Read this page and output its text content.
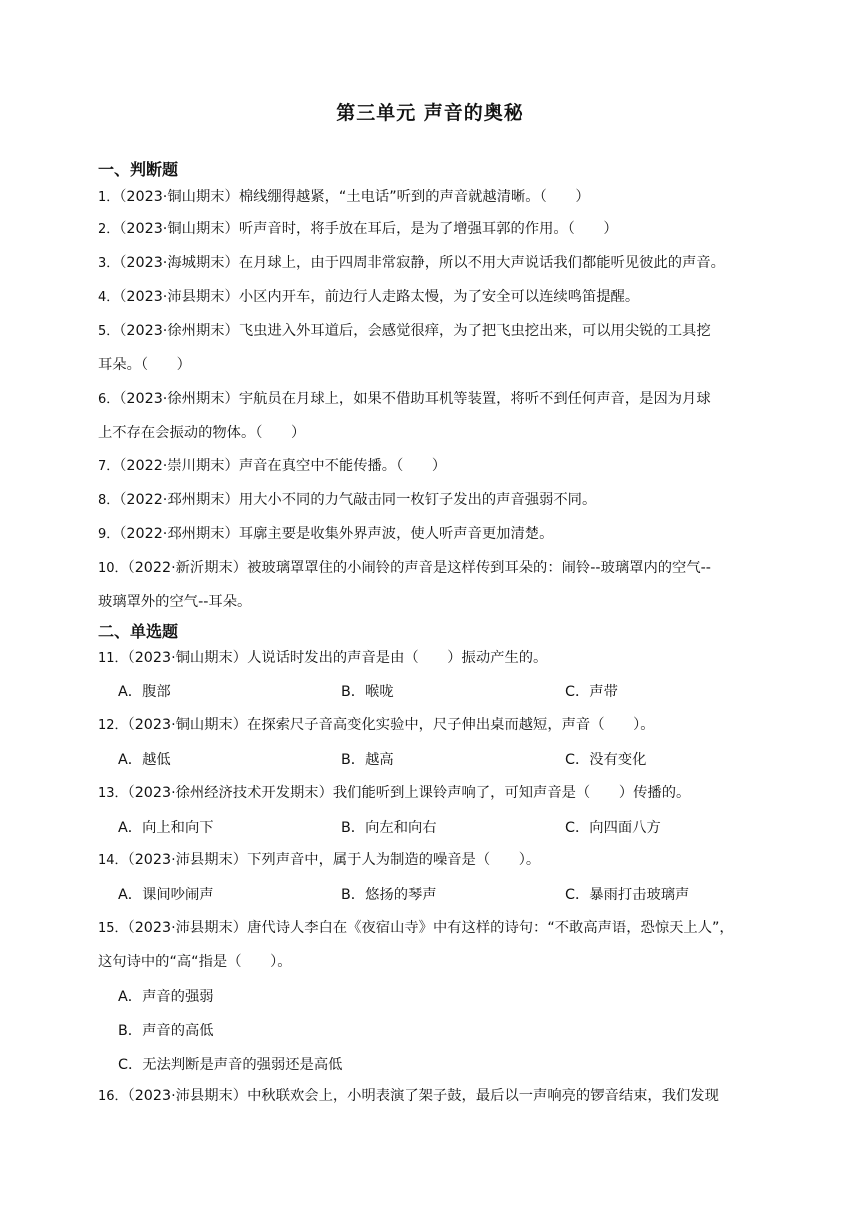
第三单元 声音的奥秘
一、判断题
1．（2023·铜山期末）棉线绷得越紧，“土电话”听到的声音就越清晰。（　　）
2．（2023·铜山期末）听声音时，将手放在耳后，是为了增强耳郭的作用。（　　）
3．（2023·海城期末）在月球上，由于四周非常寂静，所以不用大声说话我们都能听见彼此的声音。
4．（2023·沛县期末）小区内开车，前边行人走路太慢，为了安全可以连续鸣笛提醒。
5．（2023·徐州期末）飞虫进入外耳道后，会感觉很痒，为了把飞虫挖出来，可以用尖锐的工具挖
耳朵。（　　）
6．（2023·徐州期末）宇航员在月球上，如果不借助耳机等装置，将听不到任何声音，是因为月球
上不存在会振动的物体。（　　）
7．（2022·崇川期末）声音在真空中不能传播。（　　）
8．（2022·邳州期末）用大小不同的力气敲击同一枚钉子发出的声音强弱不同。
9．（2022·邳州期末）耳廓主要是收集外界声波，使人听声音更加清楚。
10．（2022·新沂期末）被玻璃罩罩住的小闹铃的声音是这样传到耳朵的：闹铃--玻璃罩内的空气--
玻璃罩外的空气--耳朵。
二、单选题
11．（2023·铜山期末）人说话时发出的声音是由（　　）振动产生的。
A．腹部	B．喉咙	C．声带
12．（2023·铜山期末）在探索尺子音高变化实验中，尺子伸出桌而越短，声音（　　）。
A．越低	B．越高	C．没有变化
13．（2023·徐州经济技术开发期末）我们能听到上课铃声响了，可知声音是（　　）传播的。
A．向上和向下	B．向左和向右	C．向四面八方
14．（2023·沛县期末）下列声音中，属于人为制造的噪音是（　　）。
A．课间吵闹声	B．悠扬的琴声	C．暴雨打击玻璃声
15．（2023·沛县期末）唐代诗人李白在《夜宿山寺》中有这样的诗句：“不敢高声语，恐惊天上人”，
这句诗中的“高“指是（　　）。
A．声音的强弱
B．声音的高低
C．无法判断是声音的强弱还是高低
16．（2023·沛县期末）中秋联欢会上，小明表演了架子鼓，最后以一声响亮的锣音结束，我们发现
